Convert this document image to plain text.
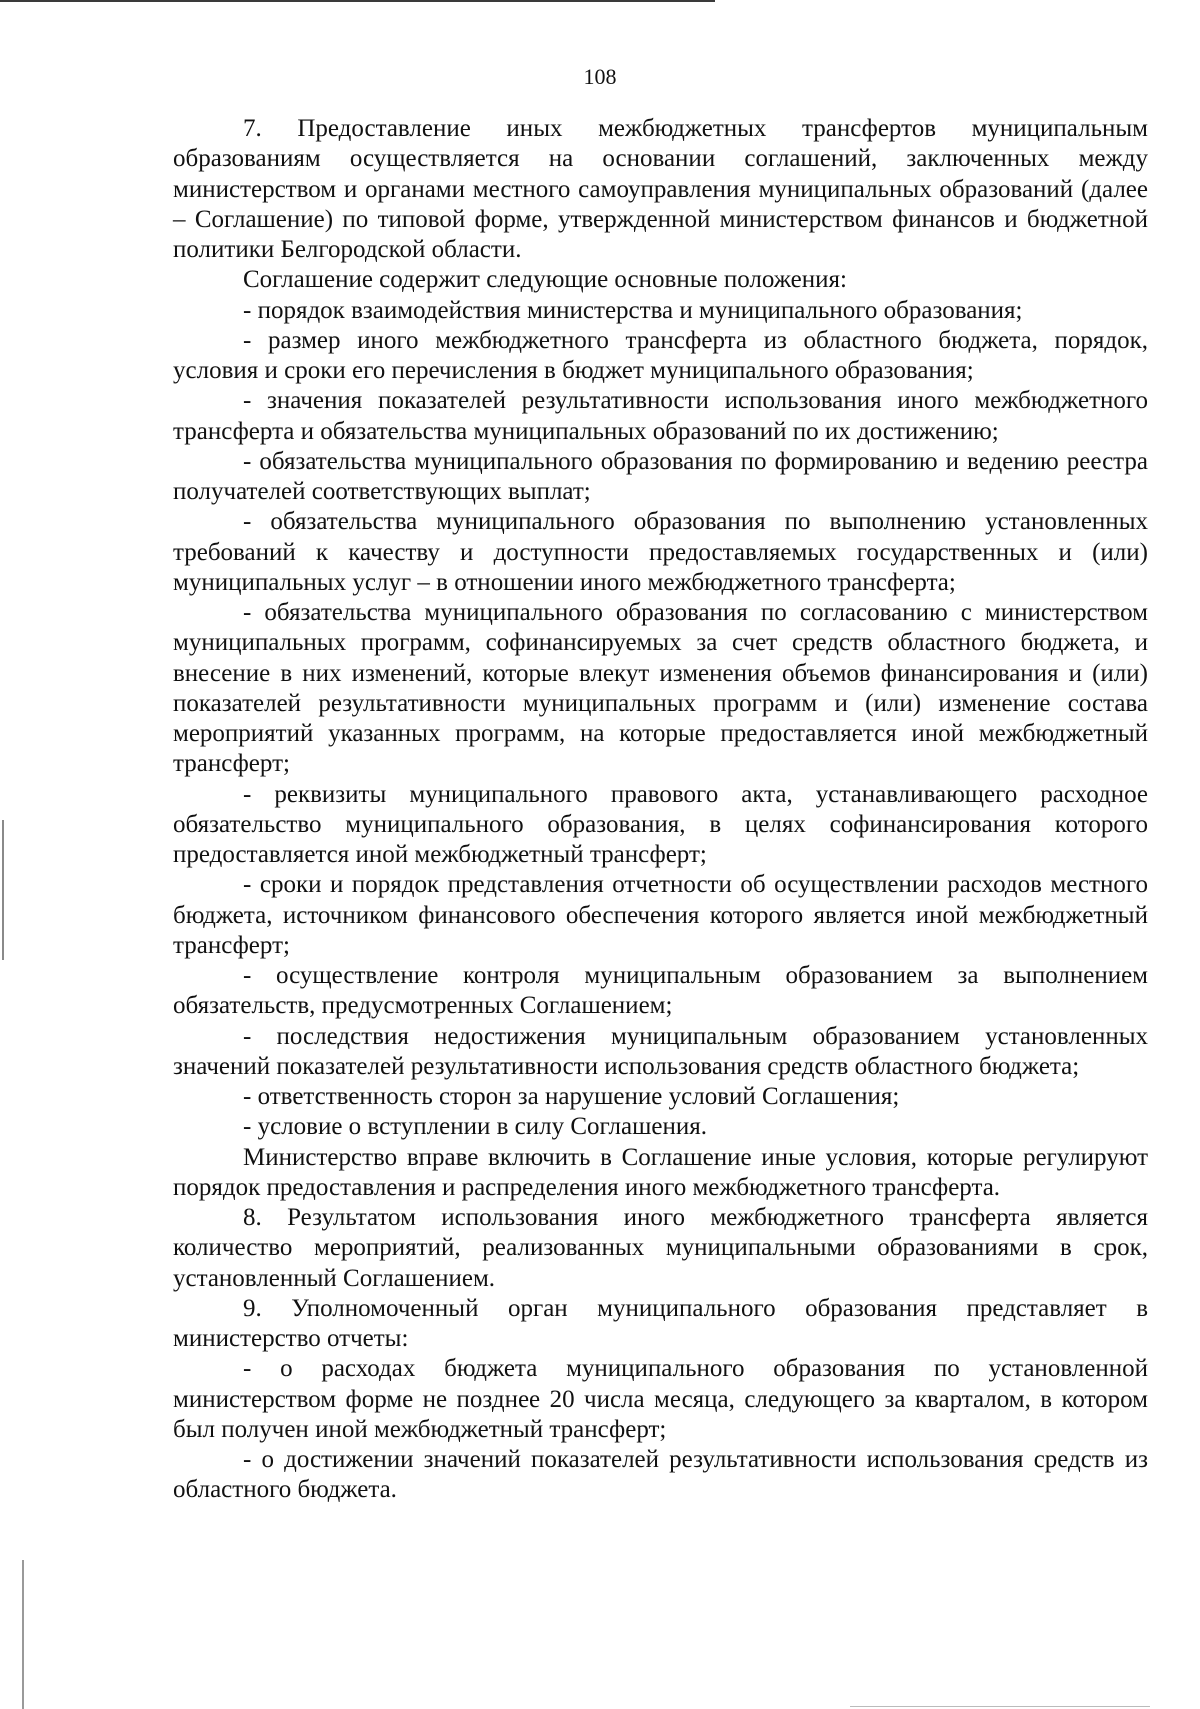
108

7. Предоставление иных межбюджетных трансфертов муниципальным образованиям осуществляется на основании соглашений, заключенных между министерством и органами местного самоуправления муниципальных образований (далее – Соглашение) по типовой форме, утвержденной министерством финансов и бюджетной политики Белгородской области.

Соглашение содержит следующие основные положения:

- порядок взаимодействия министерства и муниципального образования;

- размер иного межбюджетного трансферта из областного бюджета, порядок, условия и сроки его перечисления в бюджет муниципального образования;

- значения показателей результативности использования иного межбюджетного трансферта и обязательства муниципальных образований по их достижению;

- обязательства муниципального образования по формированию и ведению реестра получателей соответствующих выплат;

- обязательства муниципального образования по выполнению установленных требований к качеству и доступности предоставляемых государственных и (или) муниципальных услуг – в отношении иного межбюджетного трансферта;

- обязательства муниципального образования по согласованию с министерством муниципальных программ, софинансируемых за счет средств областного бюджета, и внесение в них изменений, которые влекут изменения объемов финансирования и (или) показателей результативности муниципальных программ и (или) изменение состава мероприятий указанных программ, на которые предоставляется иной межбюджетный трансферт;

- реквизиты муниципального правового акта, устанавливающего расходное обязательство муниципального образования, в целях софинансирования которого предоставляется иной межбюджетный трансферт;

- сроки и порядок представления отчетности об осуществлении расходов местного бюджета, источником финансового обеспечения которого является иной межбюджетный трансферт;

- осуществление контроля муниципальным образованием за выполнением обязательств, предусмотренных Соглашением;

- последствия недостижения муниципальным образованием установленных значений показателей результативности использования средств областного бюджета;

- ответственность сторон за нарушение условий Соглашения;

- условие о вступлении в силу Соглашения.

Министерство вправе включить в Соглашение иные условия, которые регулируют порядок предоставления и распределения иного межбюджетного трансферта.

8. Результатом использования иного межбюджетного трансферта является количество мероприятий, реализованных муниципальными образованиями в срок, установленный Соглашением.

9. Уполномоченный орган муниципального образования представляет в министерство отчеты:

- о расходах бюджета муниципального образования по установленной министерством форме не позднее 20 числа месяца, следующего за кварталом, в котором был получен иной межбюджетный трансферт;

- о достижении значений показателей результативности использования средств из областного бюджета.
